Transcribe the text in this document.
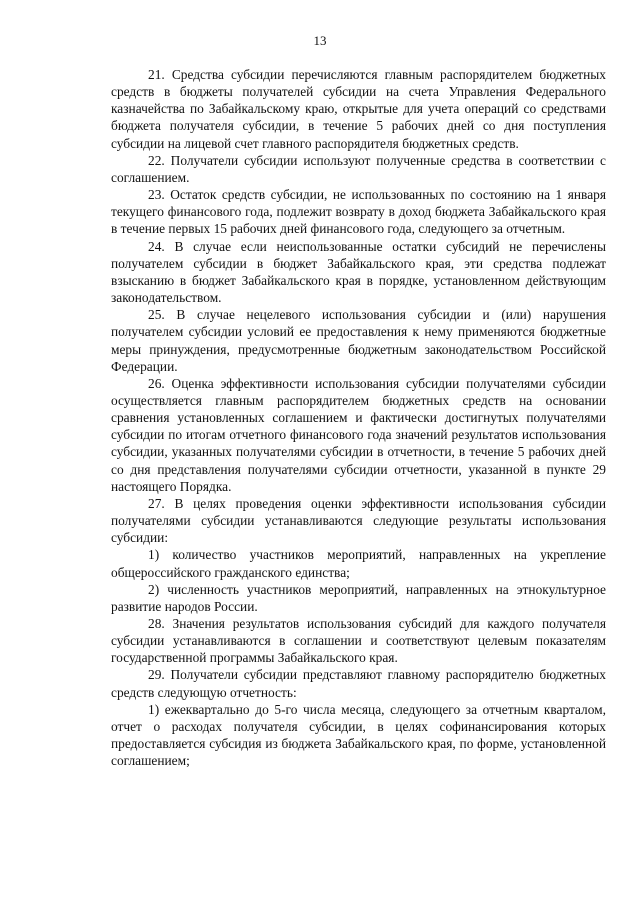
13

21. Средства субсидии перечисляются главным распорядителем бюджетных средств в бюджеты получателей субсидии на счета Управления Федерального казначейства по Забайкальскому краю, открытые для учета операций со средствами бюджета получателя субсидии, в течение 5 рабочих дней со дня поступления субсидии на лицевой счет главного распорядителя бюджетных средств.

22. Получатели субсидии используют полученные средства в соответствии с соглашением.

23. Остаток средств субсидии, не использованных по состоянию на 1 января текущего финансового года, подлежит возврату в доход бюджета Забайкальского края в течение первых 15 рабочих дней финансового года, следующего за отчетным.

24. В случае если неиспользованные остатки субсидий не перечислены получателем субсидии в бюджет Забайкальского края, эти средства подлежат взысканию в бюджет Забайкальского края в порядке, установленном действующим законодательством.

25. В случае нецелевого использования субсидии и (или) нарушения получателем субсидии условий ее предоставления к нему применяются бюджетные меры принуждения, предусмотренные бюджетным законодательством Российской Федерации.

26. Оценка эффективности использования субсидии получателями субсидии осуществляется главным распорядителем бюджетных средств на основании сравнения установленных соглашением и фактически достигнутых получателями субсидии по итогам отчетного финансового года значений результатов использования субсидии, указанных получателями субсидии в отчетности, в течение 5 рабочих дней со дня представления получателями субсидии отчетности, указанной в пункте 29 настоящего Порядка.

27. В целях проведения оценки эффективности использования субсидии получателями субсидии устанавливаются следующие результаты использования субсидии:

1) количество участников мероприятий, направленных на укрепление общероссийского гражданского единства;

2) численность участников мероприятий, направленных на этнокультурное развитие народов России.

28. Значения результатов использования субсидий для каждого получателя субсидии устанавливаются в соглашении и соответствуют целевым показателям государственной программы Забайкальского края.

29. Получатели субсидии представляют главному распорядителю бюджетных средств следующую отчетность:

1) ежеквартально до 5-го числа месяца, следующего за отчетным кварталом, отчет о расходах получателя субсидии, в целях софинансирования которых предоставляется субсидия из бюджета Забайкальского края, по форме, установленной соглашением;
